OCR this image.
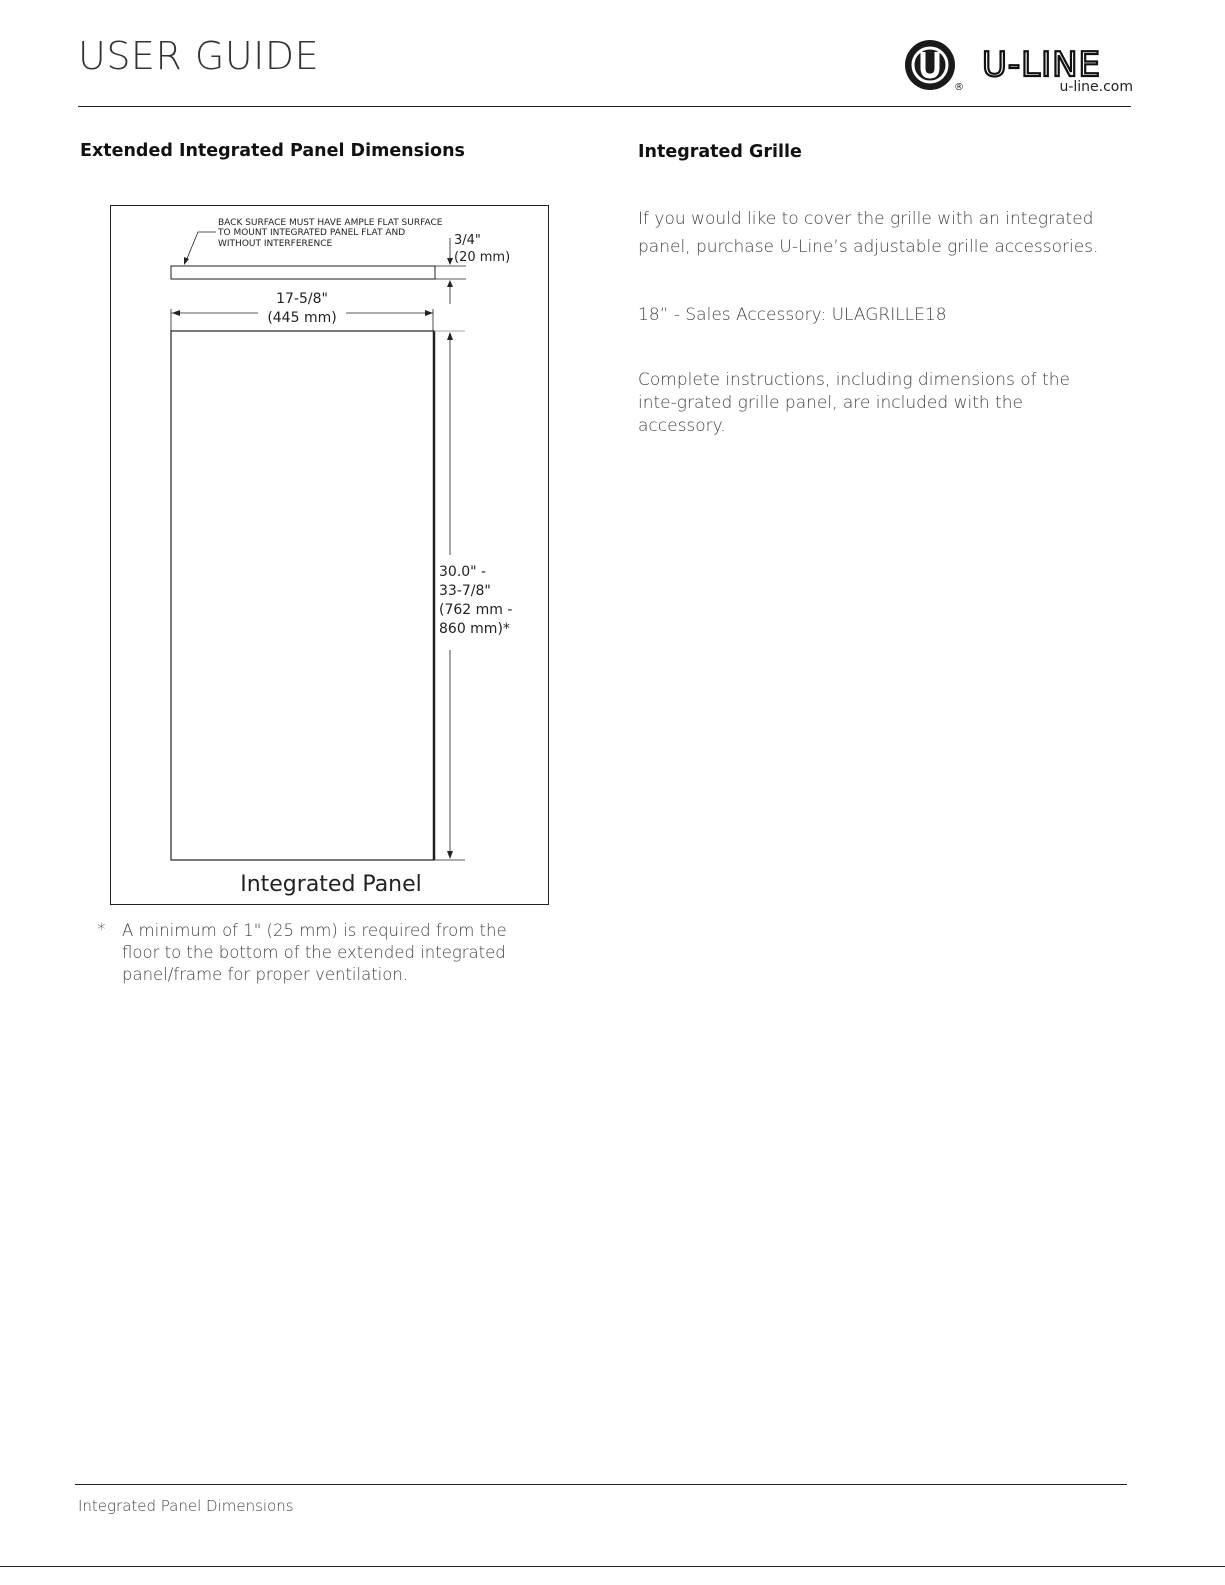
USER GUIDE
®
U-LINE
u-line.com
Extended Integrated Panel Dimensions
BACK SURFACE MUST HAVE AMPLE FLAT SURFACE
TO MOUNT INTEGRATED PANEL FLAT AND
WITHOUT INTERFERENCE	3/4"
(20 mm)
17-5/8"
(445 mm)
30.0" -
33-7/8"
(762 mm -
860 mm)*
Integrated Panel
* A minimum of 1" (25 mm) is required from the floor to the bottom of the extended integrated panel/frame for proper ventilation.
Integrated Grille
If you would like to cover the grille with an integrated panel, purchase U-Line’s adjustable grille accessories.
18” - Sales Accessory: ULAGRILLE18
Complete instructions, including dimensions of the inte-grated grille panel, are included with the accessory.
Integrated Panel Dimensions
